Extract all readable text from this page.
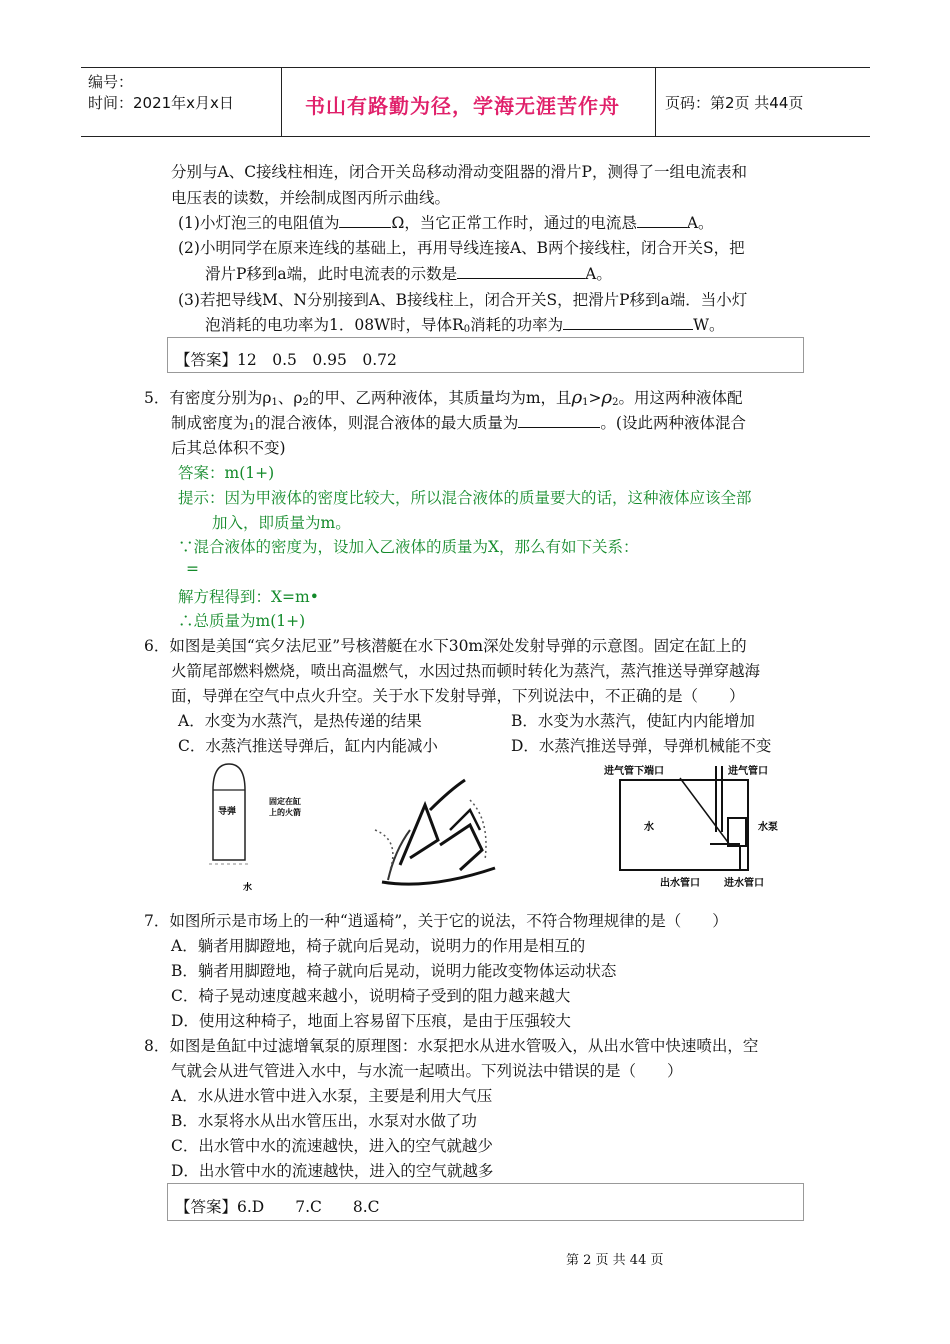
编号：
时间：2021年x月x日	书山有路勤为径，学海无涯苦作舟	页码：第2页 共44页
分别与A、C接线柱相连，闭合开关岛移动滑动变阻器的滑片P，测得了一组电流表和
电压表的读数，并绘制成图丙所示曲线。
(1)小灯泡三的电阻值为	Ω，当它正常工作时，通过的电流恳	A。
(2)小明同学在原来连线的基础上，再用导线连接A、B两个接线柱，闭合开关S，把
滑片P移到a端，此时电流表的示数是	A。
(3)若把导线M、N分别接到A、B接线柱上，闭合开关S，把滑片P移到a端．当小灯
泡消耗的电功率为1．08W时，导体$R_0$消耗的功率为	W。
【答案】12　0.5　0.95　0.72
5．有密度分别为$\rho_1$、$\rho_2$的甲、乙两种液体，其质量均为m，且$\rho_1>\rho_2$。用这两种液体配
制成密度为$_1$的混合液体，则混合液体的最大质量为	。(设此两种液体混合
后其总体积不变)
答案：m(1+)
提示：因为甲液体的密度比较大，所以混合液体的质量要大的话，这种液体应该全部
加入，即质量为m。
∵混合液体的密度为，设加入乙液体的质量为X，那么有如下关系：
=
解方程得到：X=m•
∴总质量为m(1+)
6．如图是美国“宾夕法尼亚”号核潜艇在水下30m深处发射导弹的示意图。固定在缸上的
火箭尾部燃料燃烧，喷出高温燃气，水因过热而顿时转化为蒸汽，蒸汽推送导弹穿越海
面，导弹在空气中点火升空。关于水下发射导弹，下列说法中，不正确的是（　　）
A．水变为水蒸汽，是热传递的结果	B．水变为水蒸汽，使缸内内能增加
C．水蒸汽推送导弹后，缸内内能减小	D．水蒸汽推送导弹，导弹机械能不变
导弹
固定在缸
上的火箭
水
进气管下端口	进气管口
水	水泵
出水管口 进水管口
7．如图所示是市场上的一种“逍遥椅”，关于它的说法，不符合物理规律的是（　　）
A．躺者用脚蹬地，椅子就向后晃动，说明力的作用是相互的
B．躺者用脚蹬地，椅子就向后晃动，说明力能改变物体运动状态
C．椅子晃动速度越来越小，说明椅子受到的阻力越来越大
D．使用这种椅子，地面上容易留下压痕，是由于压强较大
8．如图是鱼缸中过滤增氧泵的原理图：水泵把水从进水管吸入，从出水管中快速喷出，空
气就会从进气管进入水中，与水流一起喷出。下列说法中错误的是（　　）
A．水从进水管中进入水泵，主要是利用大气压
B．水泵将水从出水管压出，水泵对水做了功
C．出水管中水的流速越快，进入的空气就越少
D．出水管中水的流速越快，进入的空气就越多
【答案】6.D　　7.C　　8.C
第 2 页 共 44 页
